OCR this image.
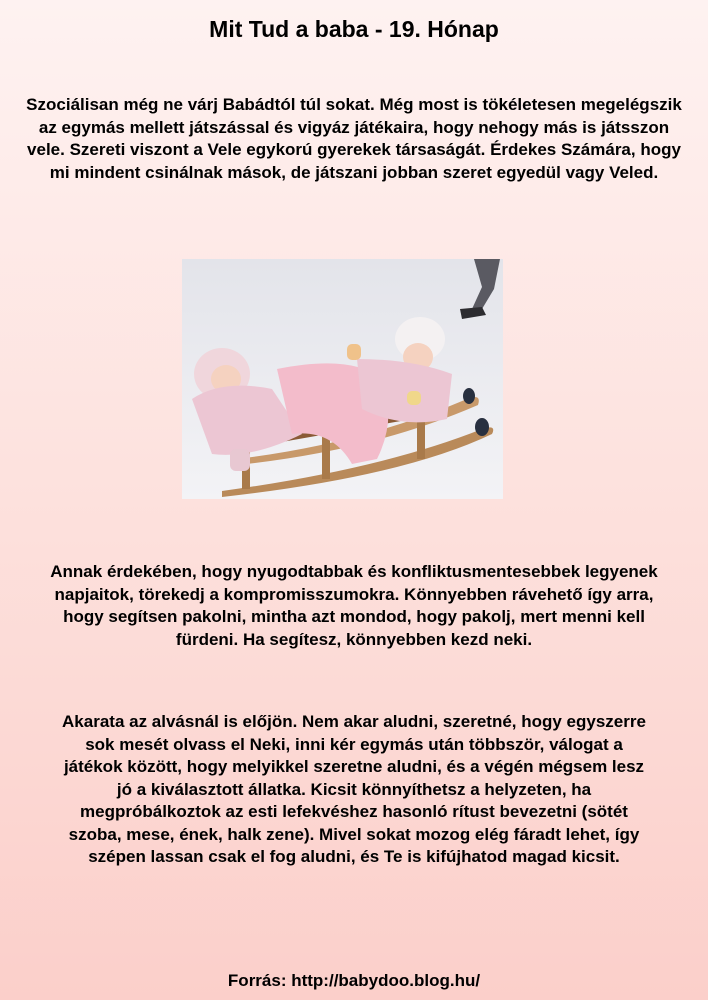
Mit Tud a baba - 19. Hónap
Szociálisan még ne várj Babádtól túl sokat. Még most is tökéletesen megelégszik az egymás mellett játszással és vigyáz játékaira, hogy nehogy más is játsszon vele. Szereti viszont a Vele egykorú gyerekek társaságát. Érdekes Számára, hogy mi mindent csinálnak mások, de játszani jobban szeret egyedül vagy Veled.
Annak érdekében, hogy nyugodtabbak és konfliktusmentesebbek legyenek napjaitok, törekedj a kompromisszumokra. Könnyebben rávehető így arra, hogy segítsen pakolni, mintha azt mondod, hogy pakolj, mert menni kell fürdeni. Ha segítesz, könnyebben kezd neki.
Akarata az alvásnál is előjön. Nem akar aludni, szeretné, hogy egyszerre sok mesét olvass el Neki, inni kér egymás után többször, válogat a játékok között, hogy melyikkel szeretne aludni, és a végén mégsem lesz jó a kiválasztott állatka. Kicsit könnyíthetsz a helyzeten, ha megpróbálkoztok az esti lefekvéshez hasonló rítust bevezetni (sötét szoba, mese, ének, halk zene). Mivel sokat mozog elég fáradt lehet, így szépen lassan csak el fog aludni, és Te is kifújhatod magad kicsit.
Forrás: http://babydoo.blog.hu/
